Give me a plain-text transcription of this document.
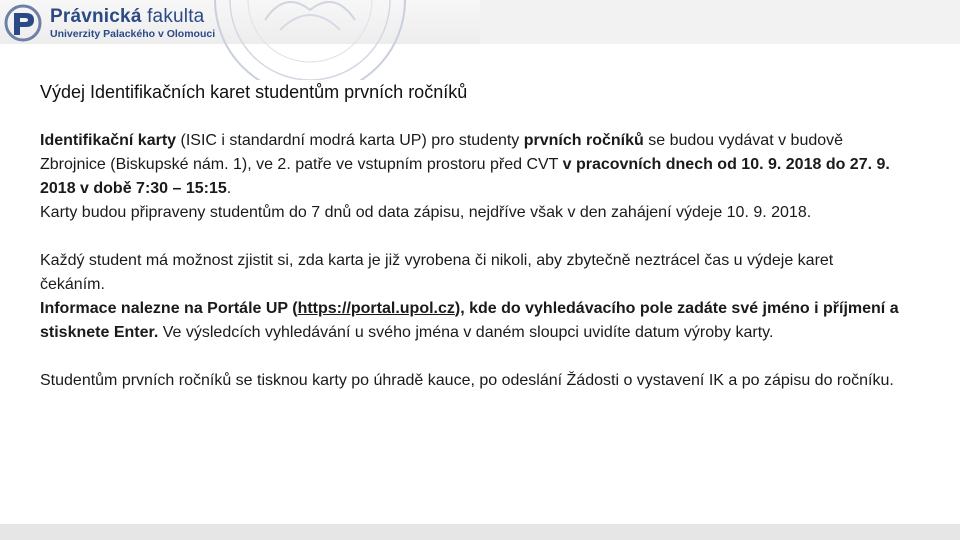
Právnická fakulta
Univerzity Palackého v Olomouci
Výdej Identifikačních karet studentům prvních ročníků

Identifikační karty (ISIC i standardní modrá karta UP) pro studenty prvních ročníků se budou vydávat v budově Zbrojnice (Biskupské nám. 1), ve 2. patře ve vstupním prostoru před CVT v pracovních dnech od 10. 9. 2018 do 27. 9. 2018 v době 7:30 – 15:15.
Karty budou připraveny studentům do 7 dnů od data zápisu, nejdříve však v den zahájení výdeje 10. 9. 2018.

Každý student má možnost zjistit si, zda karta je již vyrobena či nikoli, aby zbytečně neztrácel čas u výdeje karet čekáním.
Informace nalezne na Portále UP (https://portal.upol.cz), kde do vyhledávacího pole zadáte své jméno i příjmení a stisknete Enter. Ve výsledcích vyhledávání u svého jména v daném sloupci uvidíte datum výroby karty.

Studentům prvních ročníků se tisknou karty po úhradě kauce, po odeslání Žádosti o vystavení IK a po zápisu do ročníku.
